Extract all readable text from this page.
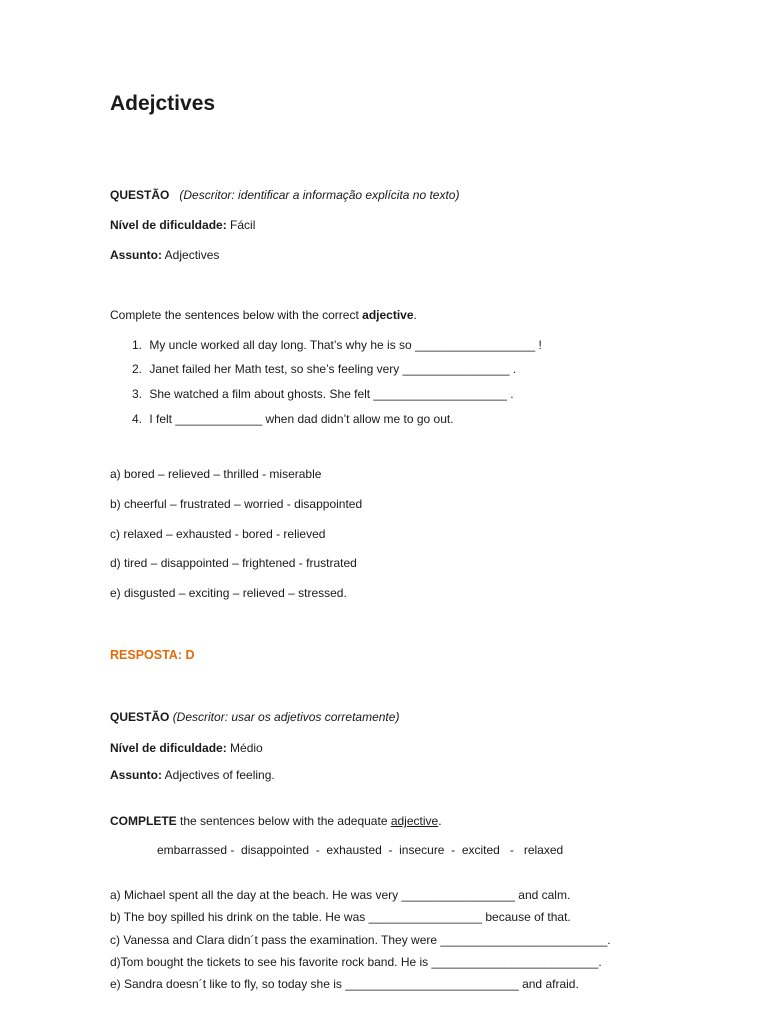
Adejctives
QUESTÃO (Descritor: identificar a informação explícita no texto)
Nível de dificuldade: Fácil
Assunto: Adjectives
Complete the sentences below with the correct adjective.
1. My uncle worked all day long. That’s why he is so __________________ !
2. Janet failed her Math test, so she’s feeling very ________________ .
3. She watched a film about ghosts. She felt ____________________ .
4. I felt _____________ when dad didn’t allow me to go out.
a) bored – relieved – thrilled - miserable
b) cheerful – frustrated – worried - disappointed
c) relaxed – exhausted - bored - relieved
d) tired – disappointed – frightened - frustrated
e) disgusted – exciting – relieved – stressed.
RESPOSTA: D
QUESTÃO (Descritor: usar os adjetivos corretamente)
Nível de dificuldade: Médio
Assunto: Adjectives of feeling.
COMPLETE the sentences below with the adequate adjective.
embarrassed -  disappointed  -  exhausted  -  insecure  -  excited   -   relaxed
a) Michael spent all the day at the beach. He was very _________________ and calm.
b) The boy spilled his drink on the table. He was _________________ because of that.
c) Vanessa and Clara didn´t pass the examination. They were _________________________.
d)Tom bought the tickets to see his favorite rock band. He is _________________________.
e) Sandra doesn´t like to fly, so today she is __________________________ and afraid.
